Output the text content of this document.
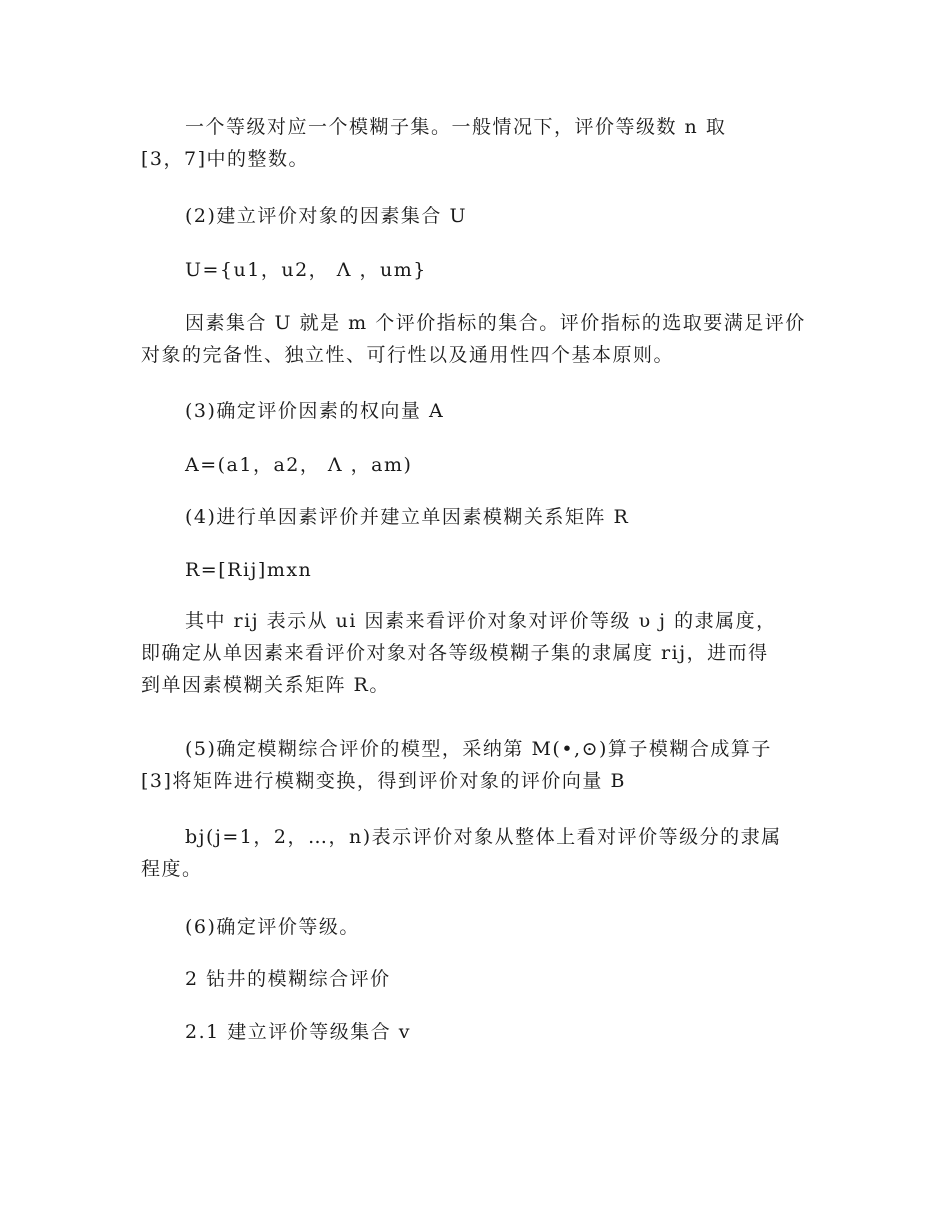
一个等级对应一个模糊子集。一般情况下，评价等级数 n 取
[3，7]中的整数。

(2)建立评价对象的因素集合 U

U={u1，u2， Λ ，um}

因素集合 U 就是 m 个评价指标的集合。评价指标的选取要满足评价
对象的完备性、独立性、可行性以及通用性四个基本原则。

(3)确定评价因素的权向量 A

A=(a1，a2， Λ ，am)

(4)进行单因素评价并建立单因素模糊关系矩阵 R

R=[Rij]mxn

其中 rij 表示从 ui 因素来看评价对象对评价等级 υ j 的隶属度，
即确定从单因素来看评价对象对各等级模糊子集的隶属度 rij，进而得
到单因素模糊关系矩阵 R。

(5)确定模糊综合评价的模型，采纳第 M(•,⊙)算子模糊合成算子
[3]将矩阵进行模糊变换，得到评价对象的评价向量 B

bj(j=1，2，…，n)表示评价对象从整体上看对评价等级分的隶属
程度。

(6)确定评价等级。

2 钻井的模糊综合评价

2.1 建立评价等级集合 v
